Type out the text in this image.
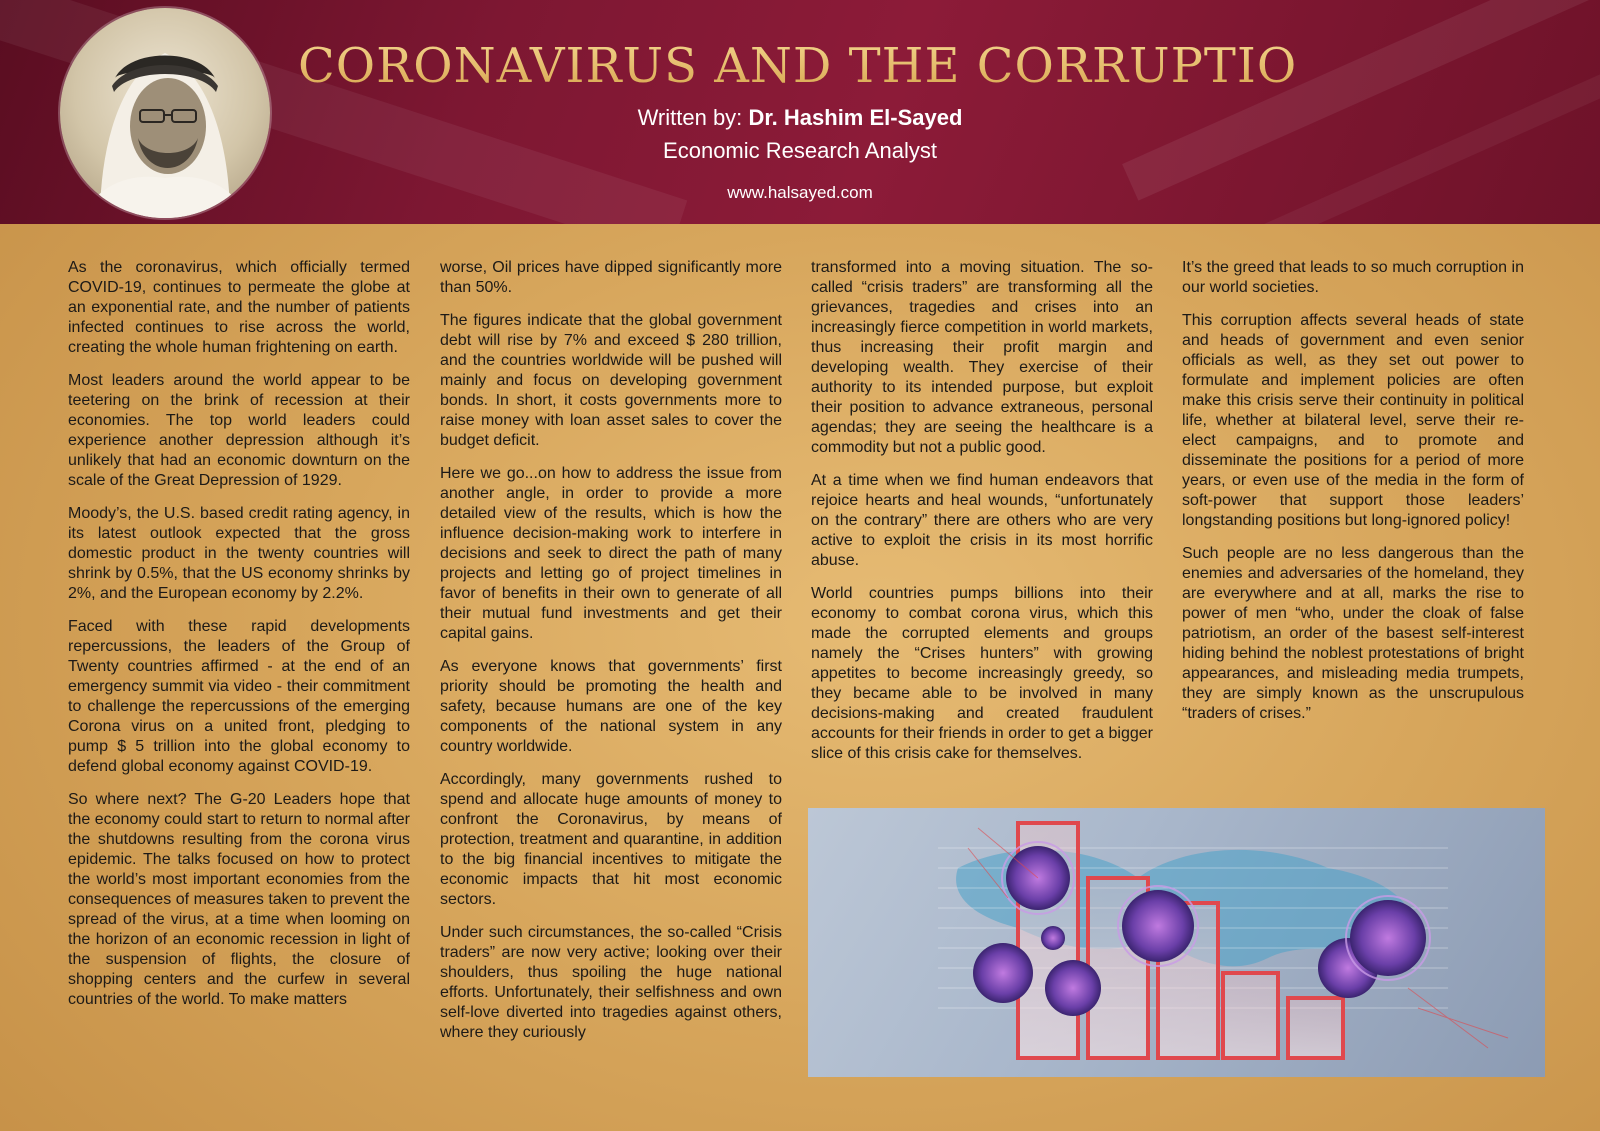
CORONAVIRUS AND THE CORRUPTION
Written by: Dr. Hashim El-Sayed
Economic Research Analyst
www.halsayed.com

As the coronavirus, which officially termed COVID-19, continues to permeate the globe at an exponential rate, and the number of patients infected continues to rise across the world, creating the whole human frightening on earth.

Most leaders around the world appear to be teetering on the brink of recession at their economies. The top world leaders could experience another depression although it’s unlikely that had an economic downturn on the scale of the Great Depression of 1929.

Moody’s, the U.S. based credit rating agency, in its latest outlook expected that the gross domestic product in the twenty countries will shrink by 0.5%, that the US economy shrinks by 2%, and the European economy by 2.2%.

Faced with these rapid developments repercussions, the leaders of the Group of Twenty countries affirmed - at the end of an emergency summit via video - their commitment to challenge the repercussions of the emerging Corona virus on a united front, pledging to pump $ 5 trillion into the global economy to defend global economy against COVID-19.

So where next? The G-20 Leaders hope that the economy could start to return to normal after the shutdowns resulting from the corona virus epidemic. The talks focused on how to protect the world’s most important economies from the consequences of measures taken to prevent the spread of the virus, at a time when looming on the horizon of an economic recession in light of the suspension of flights, the closure of shopping centers and the curfew in several countries of the world. To make matters

worse, Oil prices have dipped significantly more than 50%.

The figures indicate that the global government debt will rise by 7% and exceed $ 280 trillion, and the countries worldwide will be pushed will mainly and focus on developing government bonds. In short, it costs governments more to raise money with loan asset sales to cover the budget deficit.

Here we go...on how to address the issue from another angle, in order to provide a more detailed view of the results, which is how the influence decision-making work to interfere in decisions and seek to direct the path of many projects and letting go of project timelines in favor of benefits in their own to generate of all their mutual fund investments and get their capital gains.

As everyone knows that governments’ first priority should be promoting the health and safety, because humans are one of the key components of the national system in any country worldwide.

Accordingly, many governments rushed to spend and allocate huge amounts of money to confront the Coronavirus, by means of protection, treatment and quarantine, in addition to the big financial incentives to mitigate the economic impacts that hit most economic sectors.

Under such circumstances, the so-called “Crisis traders” are now very active; looking over their shoulders, thus spoiling the huge national efforts. Unfortunately, their selfishness and own self-love diverted into tragedies against others, where they curiously

transformed into a moving situation. The so-called “crisis traders” are transforming all the grievances, tragedies and crises into an increasingly fierce competition in world markets, thus increasing their profit margin and developing wealth. They exercise of their authority to its intended purpose, but exploit their position to advance extraneous, personal agendas; they are seeing the healthcare is a commodity but not a public good.

At a time when we find human endeavors that rejoice hearts and heal wounds, “unfortunately on the contrary” there are others who are very active to exploit the crisis in its most horrific abuse.

World countries pumps billions into their economy to combat corona virus, which this made the corrupted elements and groups namely the “Crises hunters” with growing appetites to become increasingly greedy, so they became able to be involved in many decisions-making and created fraudulent accounts for their friends in order to get a bigger slice of this crisis cake for themselves.

It’s the greed that leads to so much corruption in our world societies.

This corruption affects several heads of state and heads of government and even senior officials as well, as they set out power to formulate and implement policies are often make this crisis serve their continuity in political life, whether at bilateral level, serve their re-elect campaigns, and to promote and disseminate the positions for a period of more years, or even use of the media in the form of soft-power that support those leaders’ longstanding positions but long-ignored policy!

Such people are no less dangerous than the enemies and adversaries of the homeland, they are everywhere and at all, marks the rise to power of men “who, under the cloak of false patriotism, an order of the basest self-interest hiding behind the noblest protestations of bright appearances, and misleading media trumpets, they are simply known as the unscrupulous “traders of crises.”
